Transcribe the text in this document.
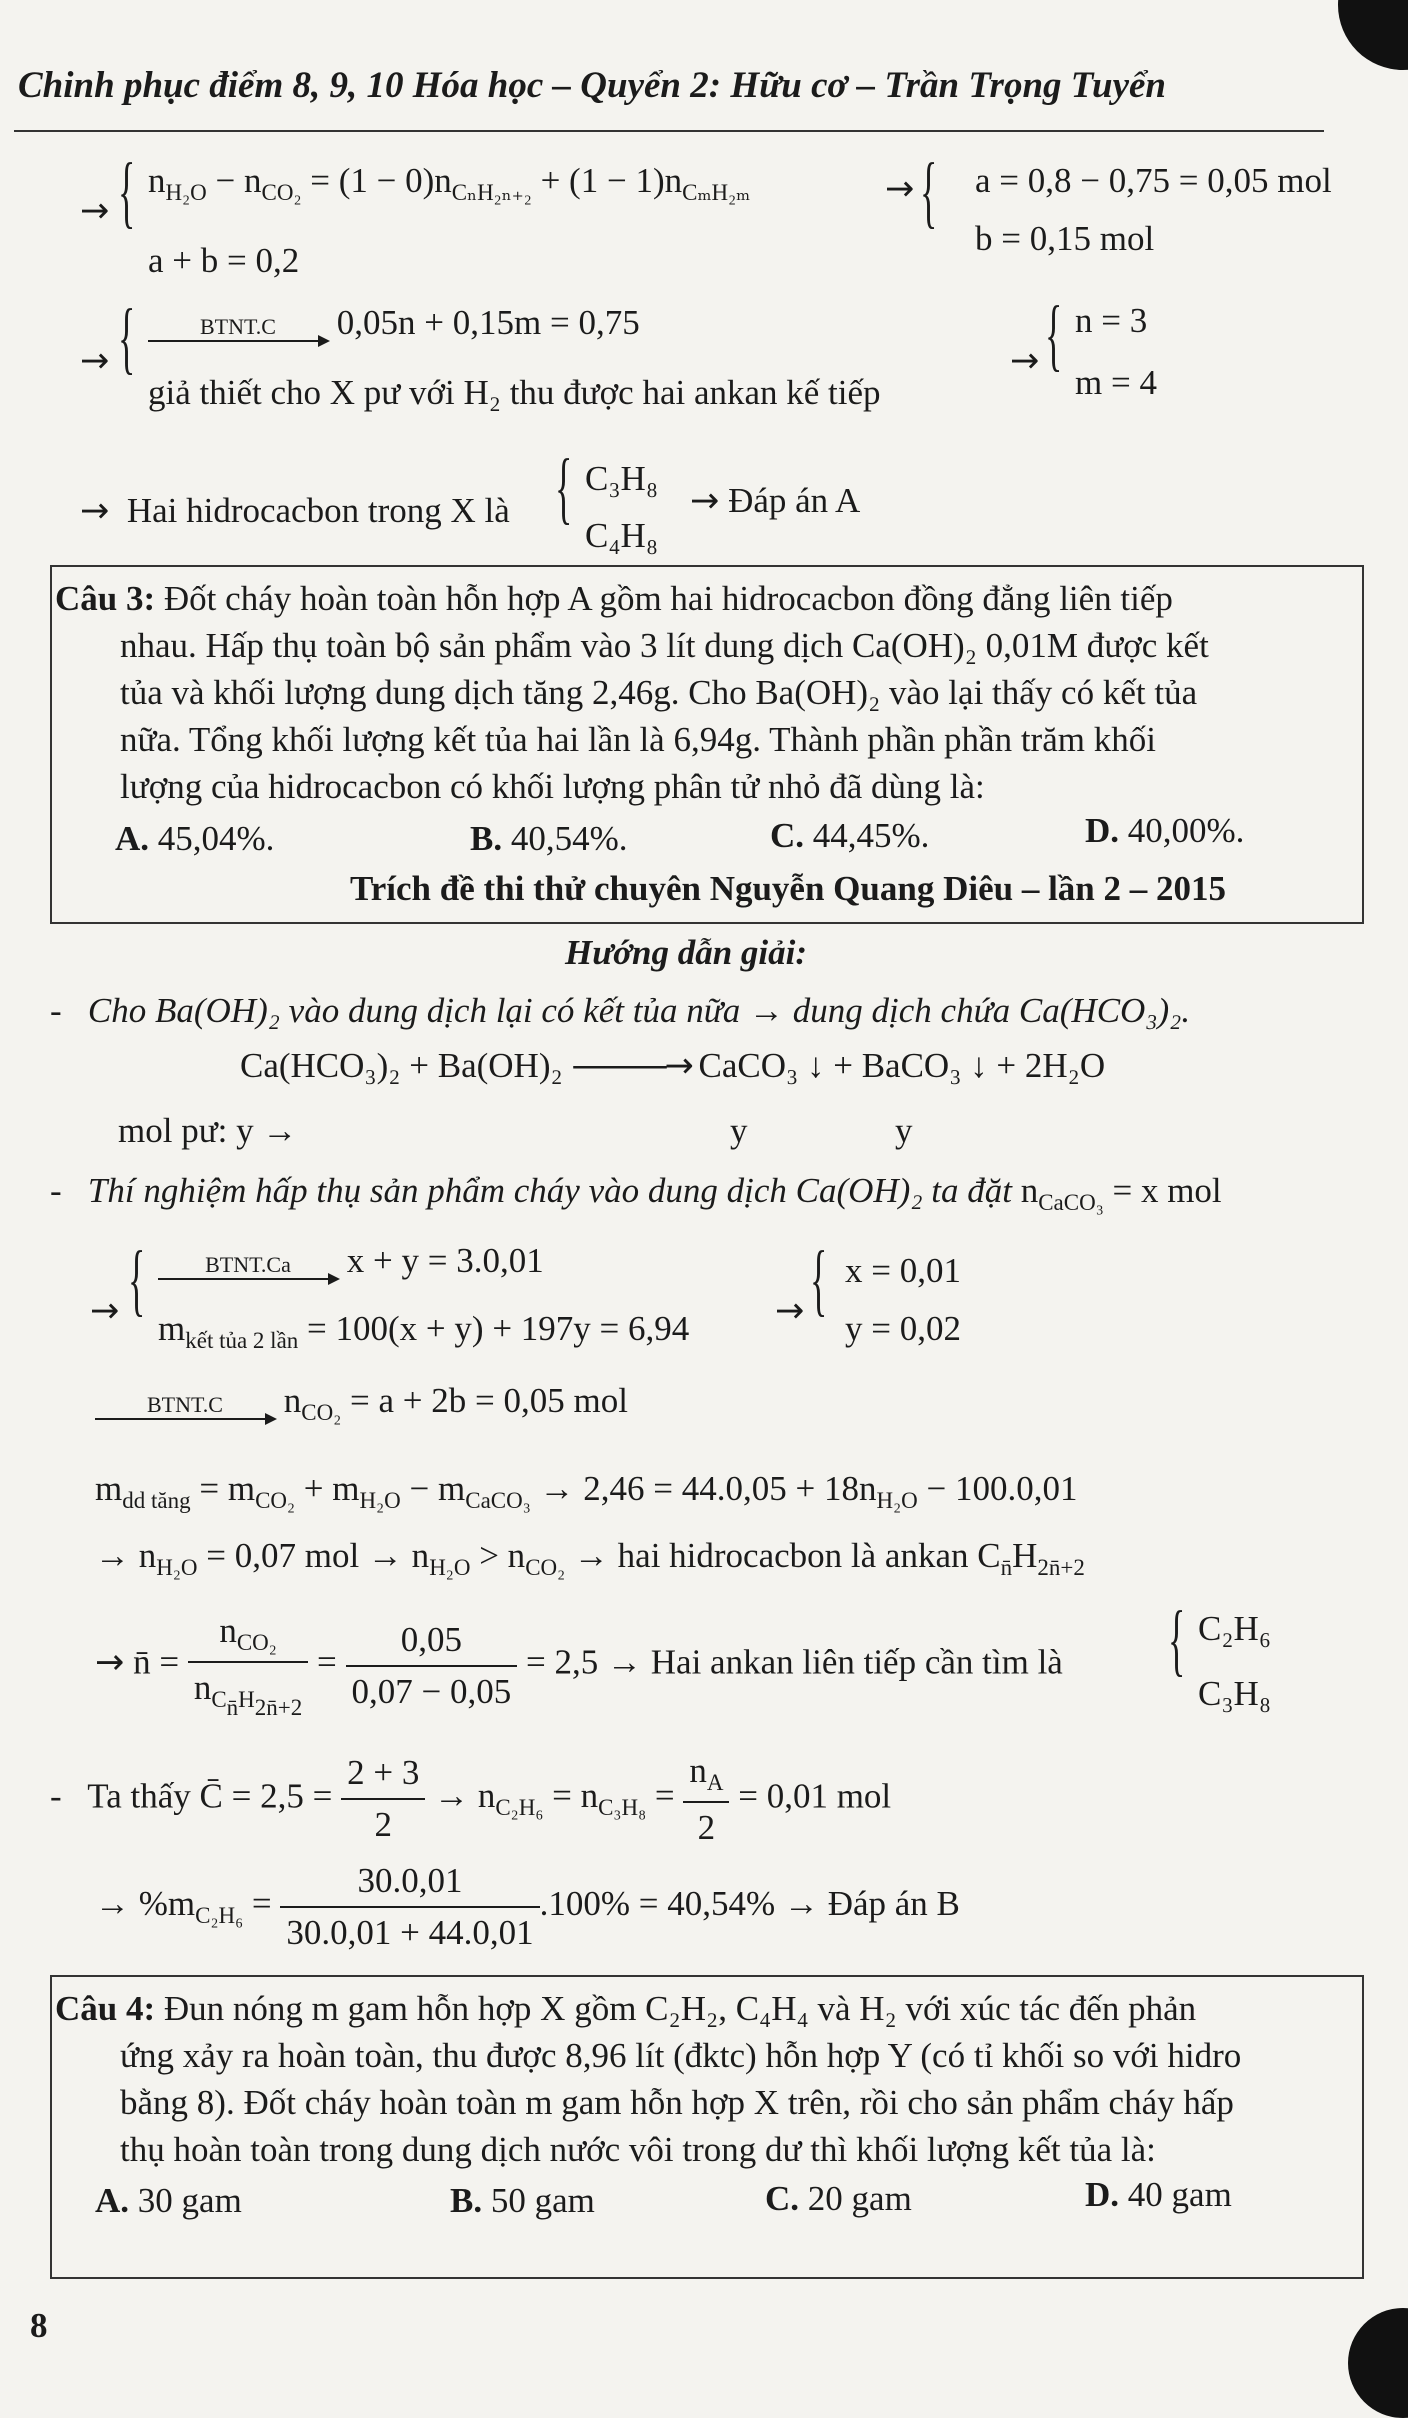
Chinh phục điểm 8, 9, 10 Hóa học – Quyển 2: Hữu cơ – Trần Trọng Tuyển
→ { $n_{H_2O} - n_{CO_2} = (1 - 0)n_{C_nH_{2n+2}} + (1 - 1)n_{C_mH_{2m}}$	→ { a = 0,8 − 0,75 = 0,05 mol
a + b = 0,2
b = 0,15 mol
→ {	BTNT.C	0,05n + 0,15m = 0,75
giả thiết cho X pư với H₂ thu được hai ankan kế tiếp
→ { n = 3
m = 4
→ Hai hidrocacbon trong X là { C₃H₈
C₄H₈
→ Đáp án A
Câu 3: Đốt cháy hoàn toàn hỗn hợp A gồm hai hidrocacbon đồng đẳng liên tiếp
nhau. Hấp thụ toàn bộ sản phẩm vào 3 lít dung dịch Ca(OH)₂ 0,01M được kết
tủa và khối lượng dung dịch tăng 2,46g. Cho Ba(OH)₂ vào lại thấy có kết tủa
nữa. Tổng khối lượng kết tủa hai lần là 6,94g. Thành phần phần trăm khối
lượng của hidrocacbon có khối lượng phân tử nhỏ đã dùng là:
A. 45,04%.	B. 40,54%.	C. 44,45%.	D. 40,00%.
Trích đề thi thử chuyên Nguyễn Quang Diêu – lần 2 – 2015
Hướng dẫn giải:
-   Cho Ba(OH)₂ vào dung dịch lại có kết tủa nữa → dung dịch chứa Ca(HCO₃)₂.
Ca(HCO₃)₂ + Ba(OH)₂ ———→ CaCO₃ ↓ + BaCO₃ ↓ + 2H₂O
mol pư: y →	y	y
-   Thí nghiệm hấp thụ sản phẩm cháy vào dung dịch Ca(OH)₂ ta đặt $n_{CaCO_3} = x$ mol
→ {	BTNT.Ca	x + y = 3.0,01
$m_{kết tủa 2 lần} = 100(x + y) + 197y = 6,94$ → { x = 0,01
y = 0,02
BTNT.C	$n_{CO_2} = a + 2b = 0,05$ mol
$m_{dd tăng} = m_{CO_2} + m_{H_2O} - m_{CaCO_3} \to 2,46 = 44.0,05 + 18n_{H_2O} - 100.0,01$
→ $n_{H_2O} = 0,07$ mol → $n_{H_2O} > n_{CO_2}$ → hai hidrocacbon là ankan $C_{n̄}H_{2n̄+2}$
→ n̄ = $\frac{n_{CO_2}}{n_{C_{n̄}H_{2n̄+2}}} = \frac{0,05}{0,07 - 0,05} = 2,5$ → Hai ankan liên tiếp cần tìm là { C₂H₆
C₃H₈
-   Ta thấy C̄ = $2,5 = \frac{2 + 3}{2} \to n_{C_2H_6} = n_{C_3H_8} = \frac{n_A}{2} = 0,01$ mol
→ $\%m_{C_2H_6} = \frac{30.0,01}{30.0,01 + 44.0,01} .100\% = 40,54\%$ → Đáp án B
Câu 4: Đun nóng m gam hỗn hợp X gồm C₂H₂, C₄H₄ và H₂ với xúc tác đến phản
ứng xảy ra hoàn toàn, thu được 8,96 lít (đktc) hỗn hợp Y (có tỉ khối so với hidro
bằng 8). Đốt cháy hoàn toàn m gam hỗn hợp X trên, rồi cho sản phẩm cháy hấp
thụ hoàn toàn trong dung dịch nước vôi trong dư thì khối lượng kết tủa là:
A. 30 gam	B. 50 gam	C. 20 gam	D. 40 gam
8
